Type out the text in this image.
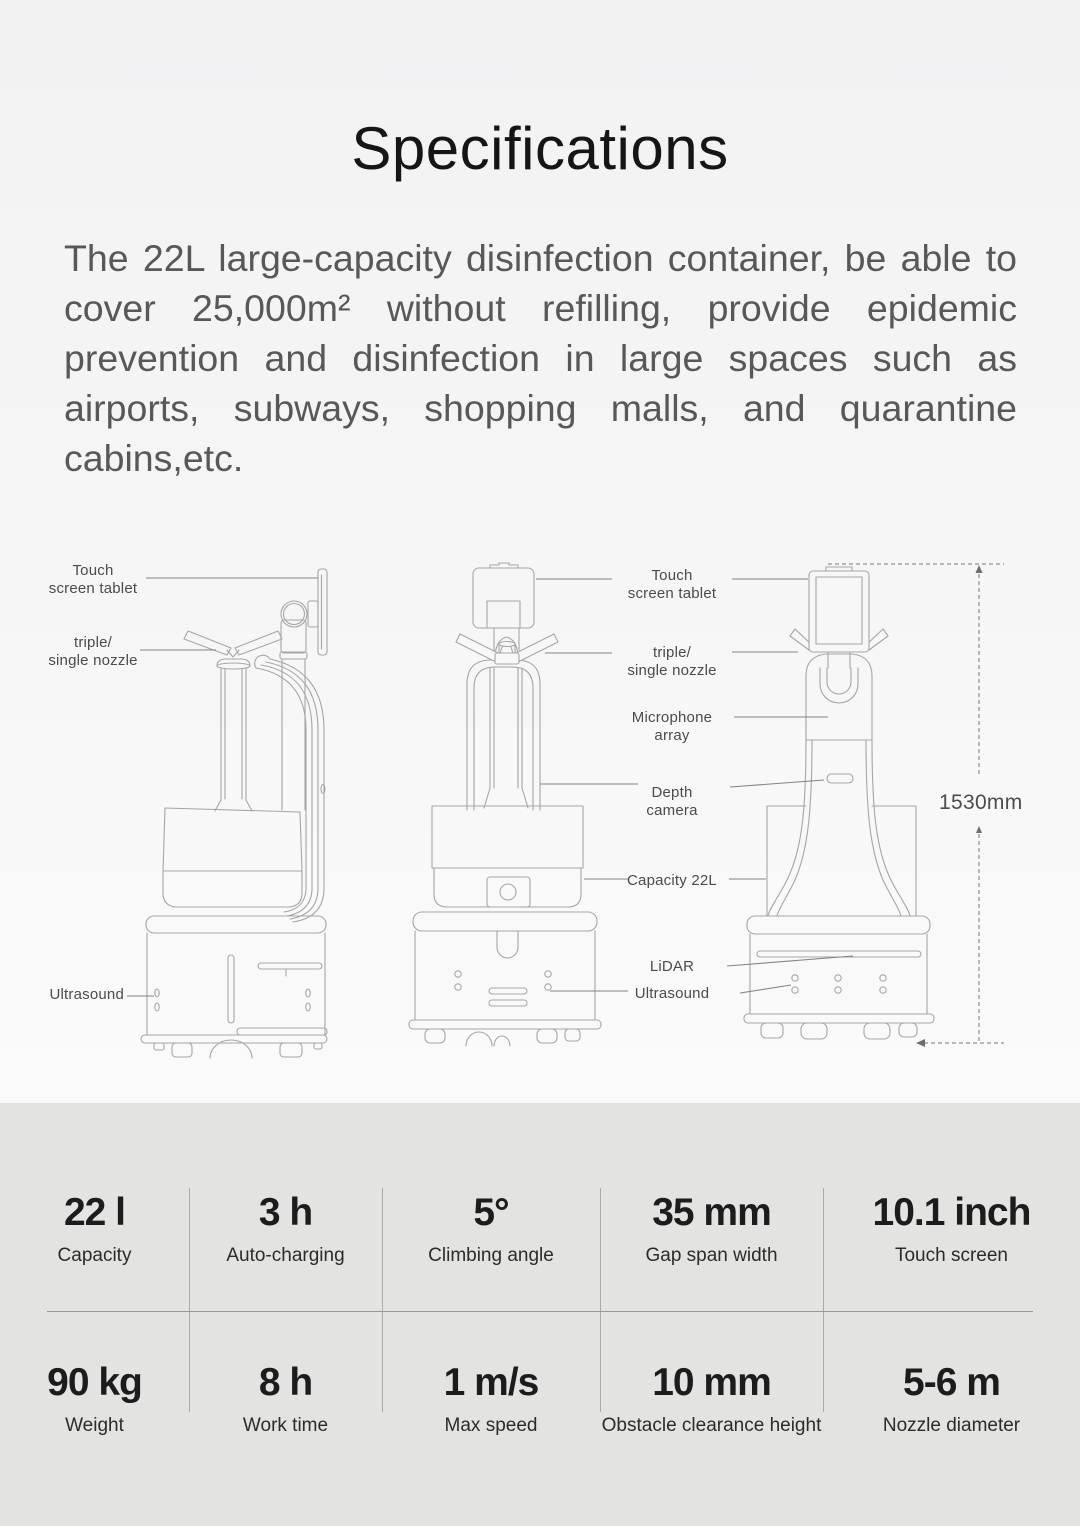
Specifications

The 22L large-capacity disinfection container, be able to cover 25,000m² without refilling, provide epidemic prevention and disinfection in large spaces such as airports, subways, shopping malls, and quarantine cabins,etc.

Touch
screen tablet
triple/
single nozzle
Ultrasound
Touch
screen tablet
triple/
single nozzle
Microphone
array
Depth
camera
Capacity 22L
LiDAR
Ultrasound
1530mm
22 l
Capacity
3 h
Auto-charging
5°
Climbing angle
35 mm
Gap span width
10.1 inch
Touch screen
90 kg
Weight
8 h
Work time
1 m/s
Max speed
10 mm
Obstacle clearance height
5-6 m
Nozzle diameter
